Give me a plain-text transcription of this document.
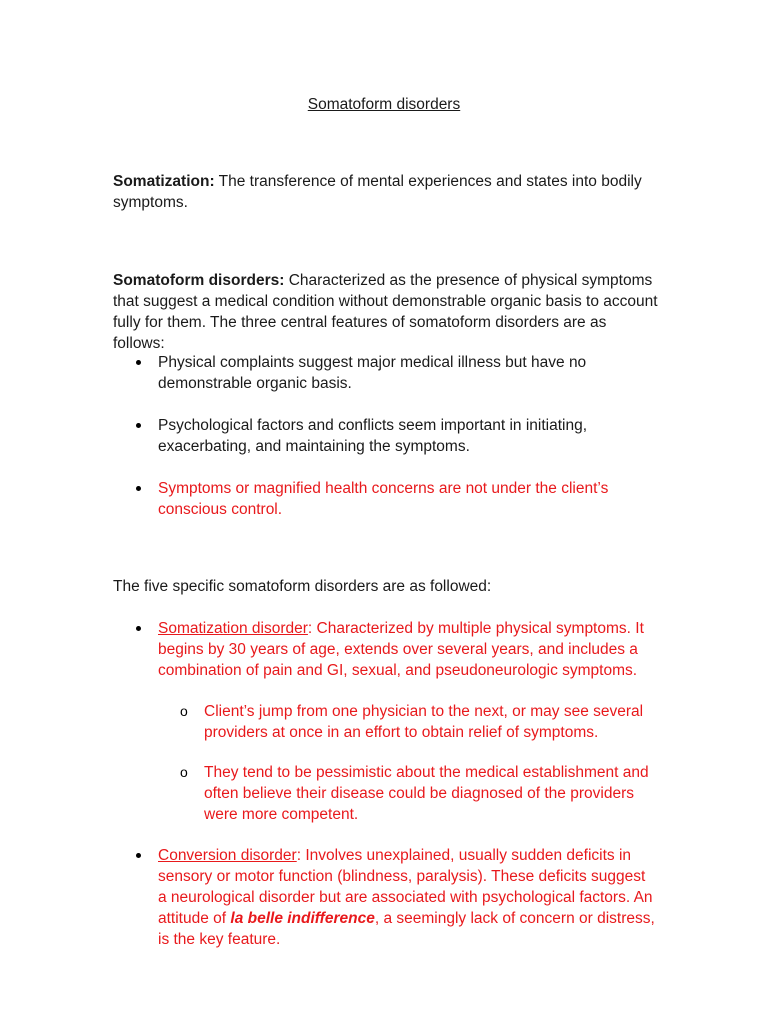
Somatoform disorders

Somatization: The transference of mental experiences and states into bodily symptoms.

Somatoform disorders: Characterized as the presence of physical symptoms that suggest a medical condition without demonstrable organic basis to account fully for them. The three central features of somatoform disorders are as follows:

Physical complaints suggest major medical illness but have no demonstrable organic basis.

Psychological factors and conflicts seem important in initiating, exacerbating, and maintaining the symptoms.

Symptoms or magnified health concerns are not under the client’s conscious control.

The five specific somatoform disorders are as followed:

Somatization disorder: Characterized by multiple physical symptoms. It begins by 30 years of age, extends over several years, and includes a combination of pain and GI, sexual, and pseudoneurologic symptoms.

o Client’s jump from one physician to the next, or may see several providers at once in an effort to obtain relief of symptoms.

o They tend to be pessimistic about the medical establishment and often believe their disease could be diagnosed of the providers were more competent.

Conversion disorder: Involves unexplained, usually sudden deficits in sensory or motor function (blindness, paralysis). These deficits suggest a neurological disorder but are associated with psychological factors. An attitude of la belle indifference, a seemingly lack of concern or distress, is the key feature.
